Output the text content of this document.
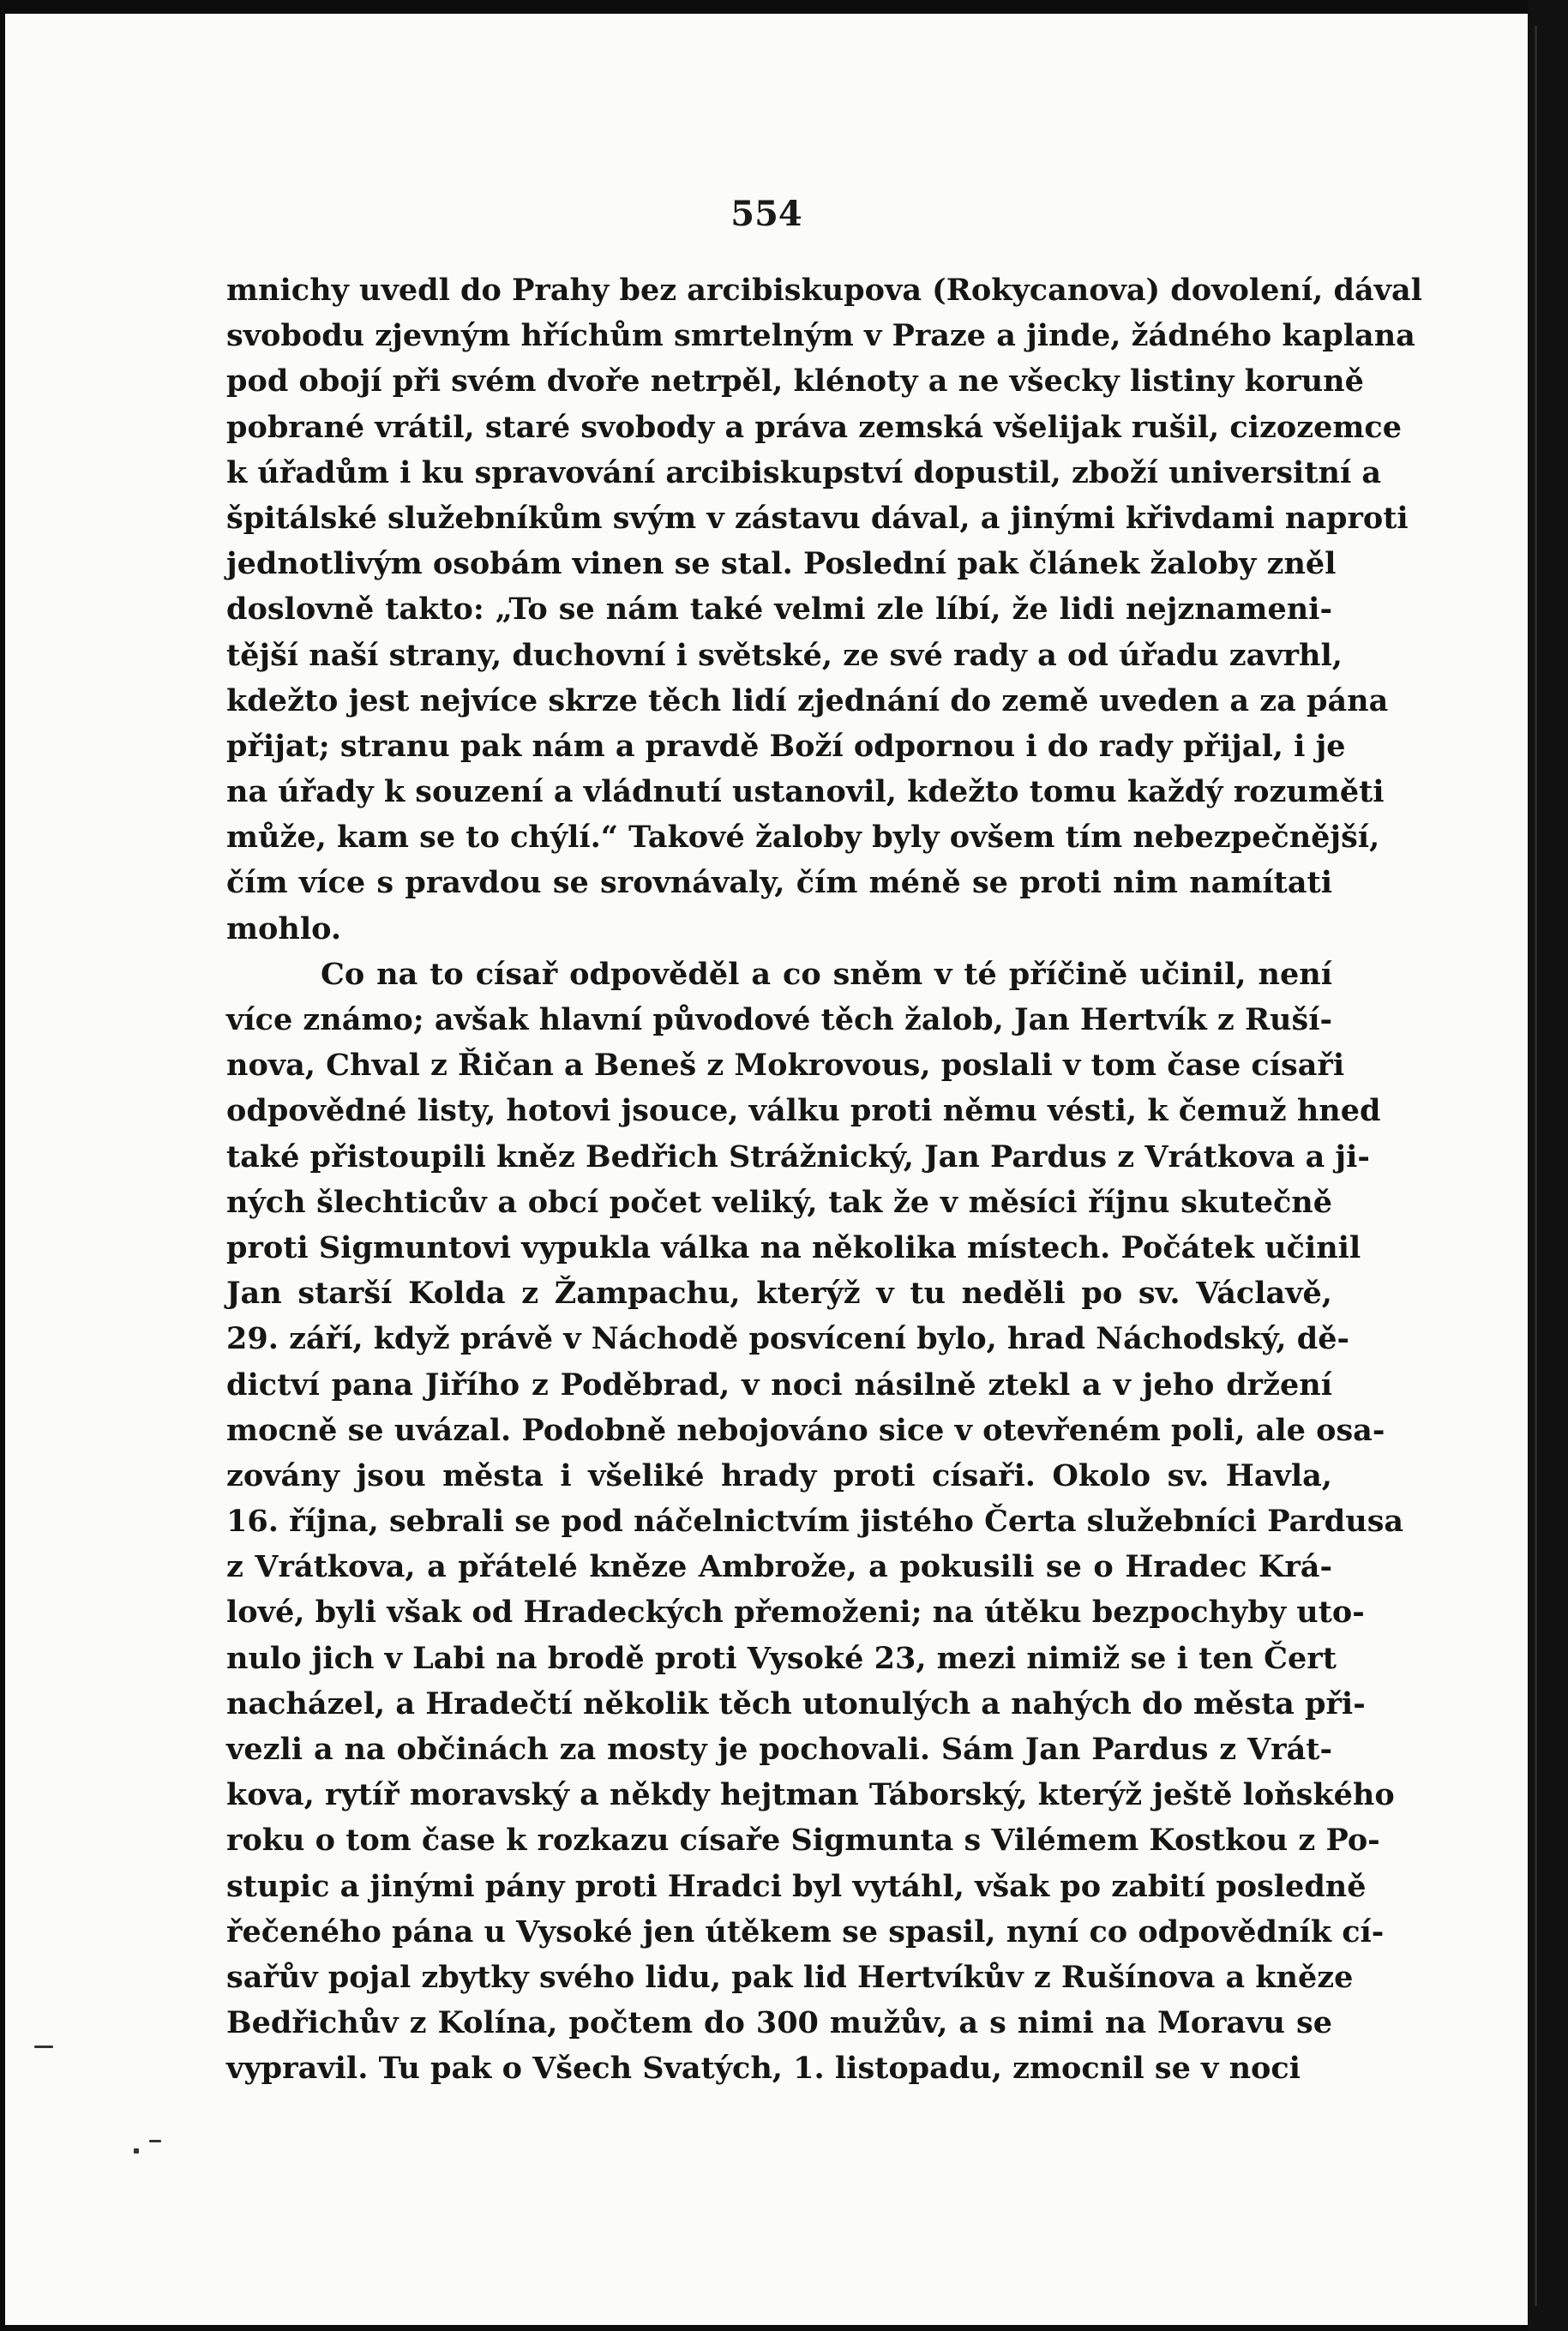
554
mnichy uvedl do Prahy bez arcibiskupova (Rokycanova) dovolení, dával
svobodu zjevným hříchům smrtelným v Praze a jinde, žádného kaplana
pod obojí při svém dvoře netrpěl, klénoty a ne všecky listiny koruně
pobrané vrátil, staré svobody a práva zemská všelijak rušil, cizozemce
k úřadům i ku spravování arcibiskupství dopustil, zboží universitní a
špitálské služebníkům svým v zástavu dával, a jinými křivdami naproti
jednotlivým osobám vinen se stal. Poslední pak článek žaloby zněl
doslovně takto: „To se nám také velmi zle líbí, že lidi nejznameni-
tější naší strany, duchovní i světské, ze své rady a od úřadu zavrhl,
kdežto jest nejvíce skrze těch lidí zjednání do země uveden a za pána
přijat; stranu pak nám a pravdě Boží odpornou i do rady přijal, i je
na úřady k souzení a vládnutí ustanovil, kdežto tomu každý rozuměti
může, kam se to chýlí.“ Takové žaloby byly ovšem tím nebezpečnější,
čím více s pravdou se srovnávaly, čím méně se proti nim namítati
mohlo.
Co na to císař odpověděl a co sněm v té příčině učinil, není
více známo; avšak hlavní původové těch žalob, Jan Hertvík z Ruší-
nova, Chval z Řičan a Beneš z Mokrovous, poslali v tom čase císaři
odpovědné listy, hotovi jsouce, válku proti němu vésti, k čemuž hned
také přistoupili kněz Bedřich Strážnický, Jan Pardus z Vrátkova a ji-
ných šlechticův a obcí počet veliký, tak že v měsíci říjnu skutečně
proti Sigmuntovi vypukla válka na několika místech. Počátek učinil
Jan starší Kolda z Žampachu, kterýž v tu neděli po sv. Václavě,
29. září, když právě v Náchodě posvícení bylo, hrad Náchodský, dě-
dictví pana Jiřího z Poděbrad, v noci násilně ztekl a v jeho držení
mocně se uvázal. Podobně nebojováno sice v otevřeném poli, ale osa-
zovány jsou města i všeliké hrady proti císaři. Okolo sv. Havla,
16. října, sebrali se pod náčelnictvím jistého Čerta služebníci Pardusa
z Vrátkova, a přátelé kněze Ambrože, a pokusili se o Hradec Krá-
lové, byli však od Hradeckých přemoženi; na útěku bezpochyby uto-
nulo jich v Labi na brodě proti Vysoké 23, mezi nimiž se i ten Čert
nacházel, a Hradečtí několik těch utonulých a nahých do města při-
vezli a na občinách za mosty je pochovali. Sám Jan Pardus z Vrát-
kova, rytíř moravský a někdy hejtman Táborský, kterýž ještě loňského
roku o tom čase k rozkazu císaře Sigmunta s Vilémem Kostkou z Po-
stupic a jinými pány proti Hradci byl vytáhl, však po zabití posledně
řečeného pána u Vysoké jen útěkem se spasil, nyní co odpovědník cí-
sařův pojal zbytky svého lidu, pak lid Hertvíkův z Rušínova a kněze
Bedřichův z Kolína, počtem do 300 mužův, a s nimi na Moravu se
vypravil. Tu pak o Všech Svatých, 1. listopadu, zmocnil se v noci
